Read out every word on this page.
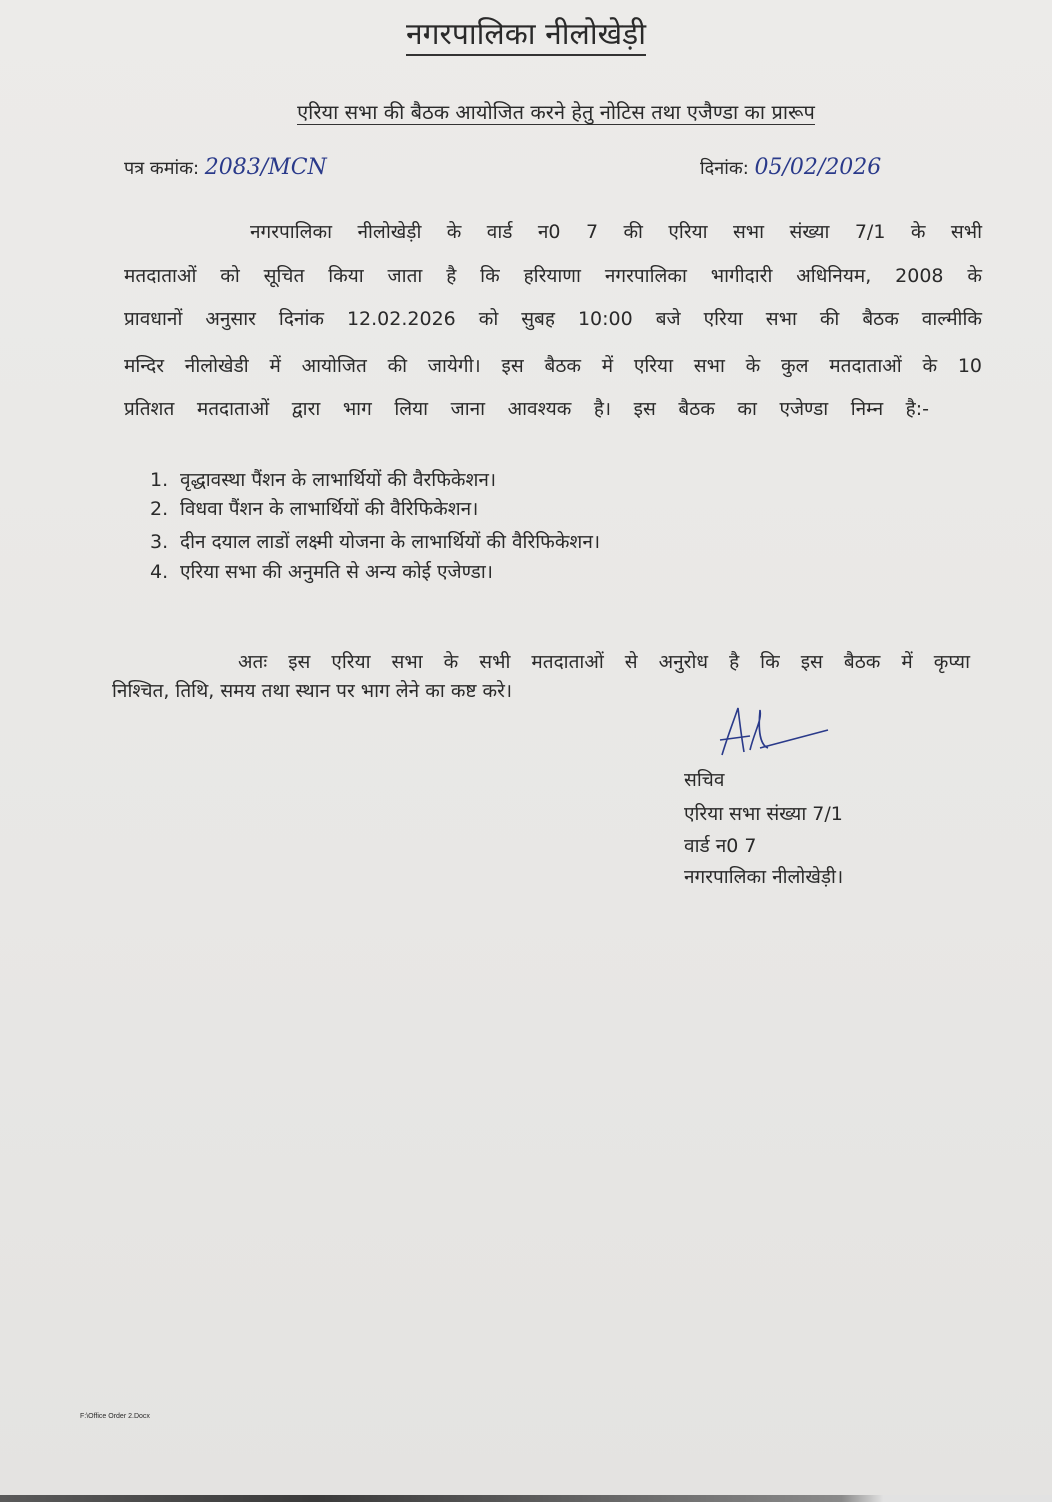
नगरपालिका नीलोखेड़ी
एरिया सभा की बैठक आयोजित करने हेतु नोटिस तथा एजैण्डा का प्रारूप
पत्र कमांक: 2083/MCN	दिनांक: 05/02/2026
नगरपालिका नीलोखेड़ी के वार्ड न0 7 की एरिया सभा संख्या 7/1 के सभी
मतदाताओं को सूचित किया जाता है कि हरियाणा नगरपालिका भागीदारी अधिनियम, 2008 के
प्रावधानों अनुसार दिनांक 12.02.2026 को सुबह 10:00 बजे एरिया सभा की बैठक वाल्मीकि
मन्दिर नीलोखेडी में आयोजित की जायेगी। इस बैठक में एरिया सभा के कुल मतदाताओं के 10
प्रतिशत मतदाताओं द्वारा भाग लिया जाना आवश्यक है। इस बैठक का एजेण्डा निम्न है:-
1. वृद्धावस्था पैंशन के लाभार्थियों की वैरफिकेशन।
2. विधवा पैंशन के लाभार्थियों की वैरिफिकेशन।
3. दीन दयाल लाडों लक्ष्मी योजना के लाभार्थियों की वैरिफिकेशन।
4. एरिया सभा की अनुमति से अन्य कोई एजेण्डा।
अतः इस एरिया सभा के सभी मतदाताओं से अनुरोध है कि इस बैठक में कृप्या
निश्चित, तिथि, समय तथा स्थान पर भाग लेने का कष्ट करे।
सचिव
एरिया सभा संख्या 7/1
वार्ड न0 7
नगरपालिका नीलोखेड़ी।
F:\Office Order 2.Docx
